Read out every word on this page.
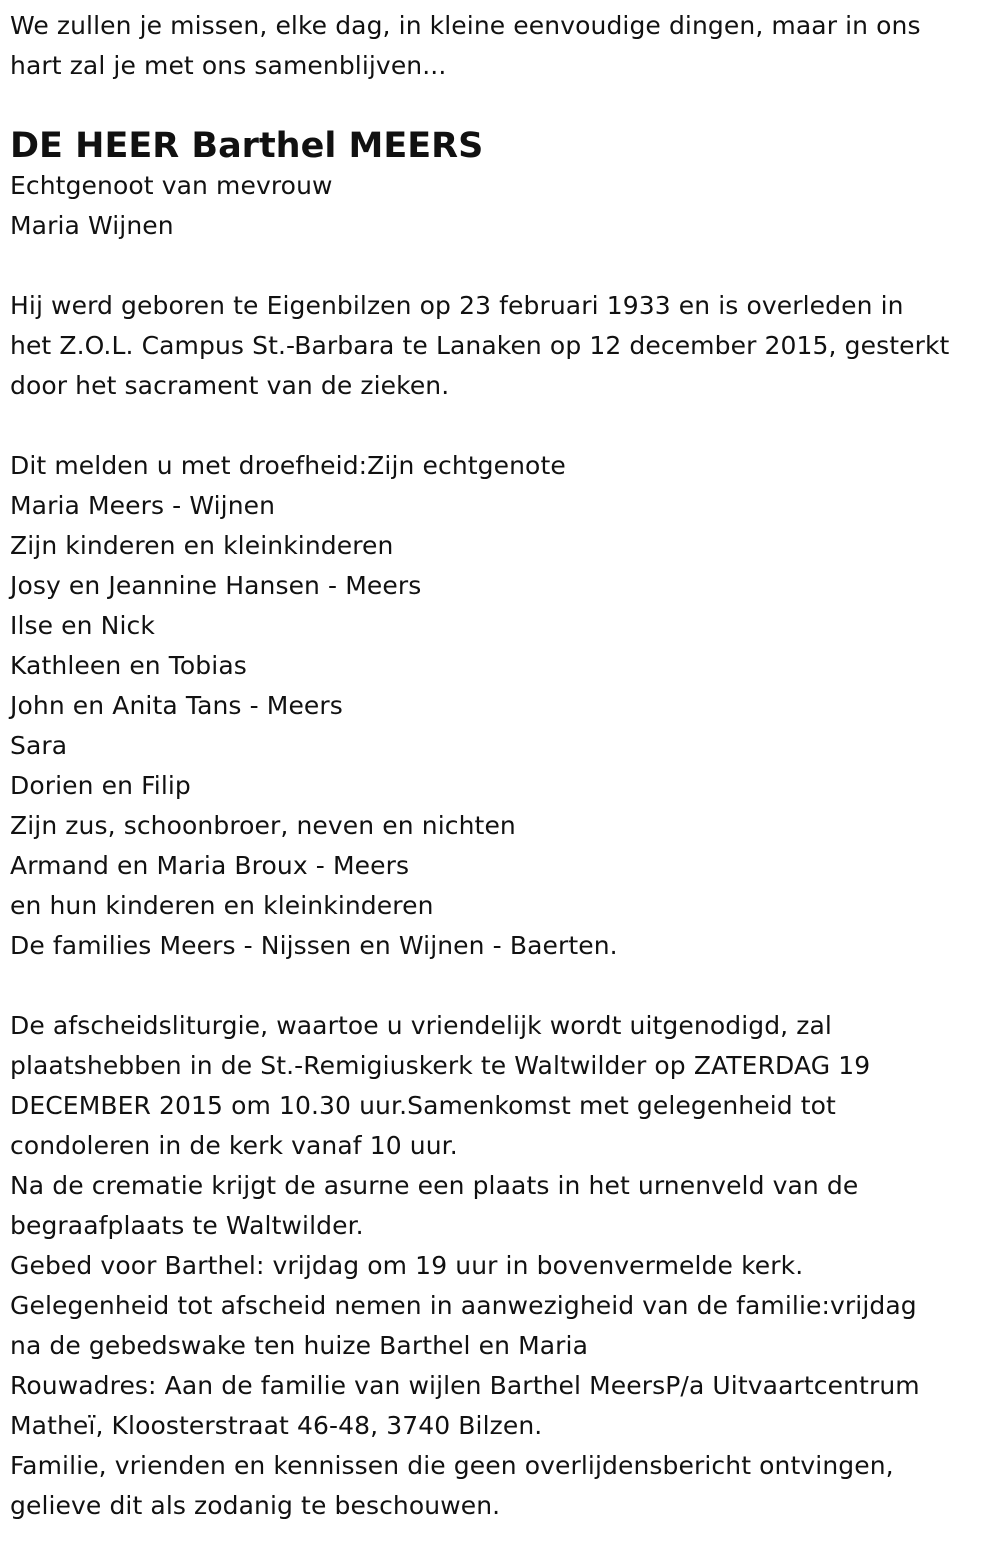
We zullen je missen, elke dag, in kleine eenvoudige dingen, maar in ons
hart zal je met ons samenblijven...
DE HEER Barthel MEERS
Echtgenoot van mevrouw
Maria Wijnen
Hij werd geboren te Eigenbilzen op 23 februari 1933 en is overleden in
het Z.O.L. Campus St.-Barbara te Lanaken op 12 december 2015, gesterkt
door het sacrament van de zieken.
Dit melden u met droefheid:Zijn echtgenote
Maria Meers - Wijnen
Zijn kinderen en kleinkinderen
Josy en Jeannine Hansen - Meers
Ilse en Nick
Kathleen en Tobias
John en Anita Tans - Meers
Sara
Dorien en Filip
Zijn zus, schoonbroer, neven en nichten
Armand en Maria Broux - Meers
en hun kinderen en kleinkinderen
De families Meers - Nijssen en Wijnen - Baerten.
De afscheidsliturgie, waartoe u vriendelijk wordt uitgenodigd, zal
plaatshebben in de St.-Remigiuskerk te Waltwilder op ZATERDAG 19
DECEMBER 2015 om 10.30 uur.Samenkomst met gelegenheid tot
condoleren in de kerk vanaf 10 uur.
Na de crematie krijgt de asurne een plaats in het urnenveld van de
begraafplaats te Waltwilder.
Gebed voor Barthel: vrijdag om 19 uur in bovenvermelde kerk.
Gelegenheid tot afscheid nemen in aanwezigheid van de familie:vrijdag
na de gebedswake ten huize Barthel en Maria
Rouwadres: Aan de familie van wijlen Barthel MeersP/a Uitvaartcentrum
Matheï, Kloosterstraat 46-48, 3740 Bilzen.
Familie, vrienden en kennissen die geen overlijdensbericht ontvingen,
gelieve dit als zodanig te beschouwen.
